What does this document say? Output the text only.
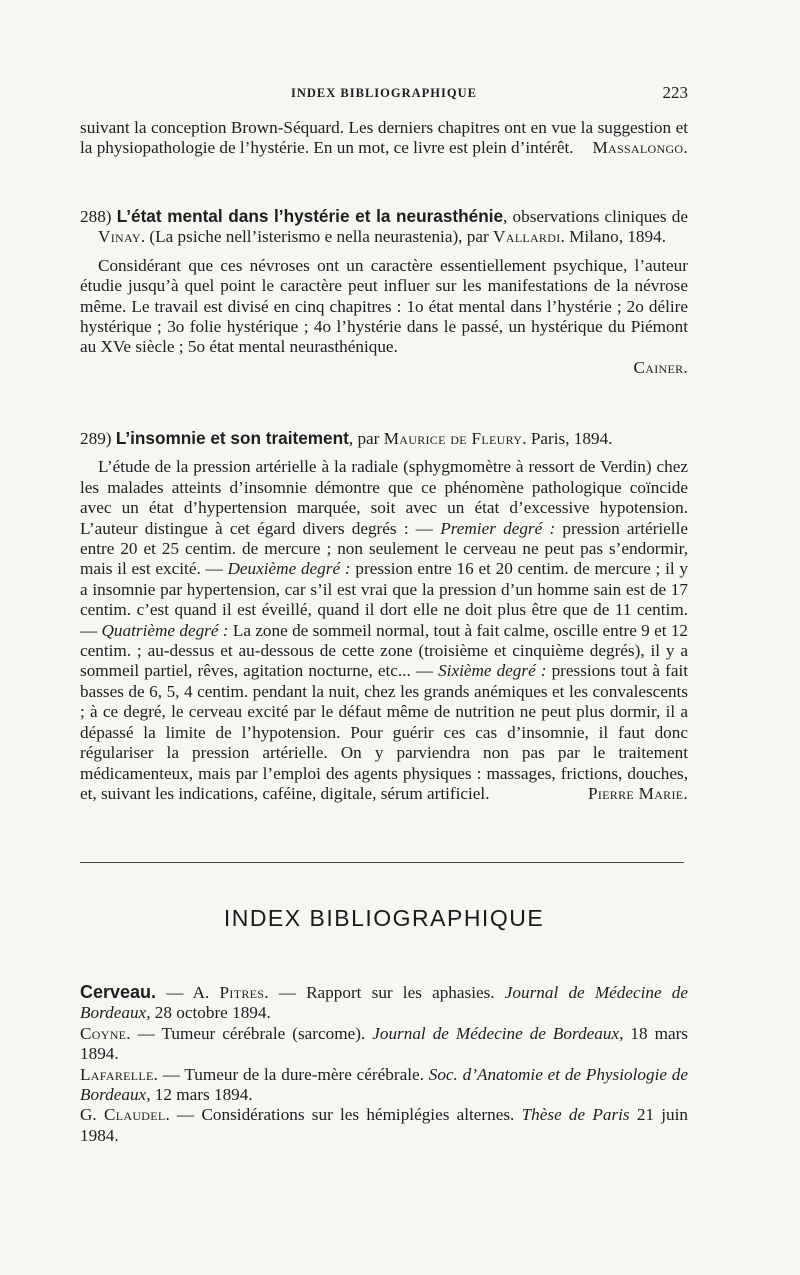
INDEX BIBLIOGRAPHIQUE	223

suivant la conception Brown-Séquard. Les derniers chapitres ont en vue la suggestion et la physiopathologie de l’hystérie. En un mot, ce livre est plein d’intérêt.	Massalongo.

288) L’état mental dans l’hystérie et la neurasthénie, observations cliniques de Vinay. (La psiche nell’isterismo e nella neurastenia), par Vallardi. Milano, 1894.

Considérant que ces névroses ont un caractère essentiellement psychique, l’auteur étudie jusqu’à quel point le caractère peut influer sur les manifestations de la névrose même. Le travail est divisé en cinq chapitres : 1o état mental dans l’hystérie ; 2o délire hystérique ; 3o folie hystérique ; 4o l’hystérie dans le passé, un hystérique du Piémont au XVe siècle ; 5o état mental neurasthénique.

Cainer.

289) L’insomnie et son traitement, par Maurice de Fleury. Paris, 1894.

L’étude de la pression artérielle à la radiale (sphygmomètre à ressort de Verdin) chez les malades atteints d’insomnie démontre que ce phénomène pathologique coïncide avec un état d’hypertension marquée, soit avec un état d’excessive hypotension. L’auteur distingue à cet égard divers degrés : — Premier degré : pression artérielle entre 20 et 25 centim. de mercure ; non seulement le cerveau ne peut pas s’endormir, mais il est excité. — Deuxième degré : pression entre 16 et 20 centim. de mercure ; il y a insomnie par hypertension, car s’il est vrai que la pression d’un homme sain est de 17 centim. c’est quand il est éveillé, quand il dort elle ne doit plus être que de 11 centim. — Quatrième degré : La zone de sommeil normal, tout à fait calme, oscille entre 9 et 12 centim. ; au-dessus et au-dessous de cette zone (troisième et cinquième degrés), il y a sommeil partiel, rêves, agitation nocturne, etc... — Sixième degré : pressions tout à fait basses de 6, 5, 4 centim. pendant la nuit, chez les grands anémiques et les convalescents ; à ce degré, le cerveau excité par le défaut même de nutrition ne peut plus dormir, il a dépassé la limite de l’hypotension. Pour guérir ces cas d’insomnie, il faut donc régulariser la pression artérielle. On y parviendra non pas par le traitement médicamenteux, mais par l’emploi des agents physiques : massages, frictions, douches, et, suivant les indications, caféine, digitale, sérum artificiel.	Pierre Marie.

INDEX BIBLIOGRAPHIQUE

Cerveau. — A. Pitres. — Rapport sur les aphasies. Journal de Médecine de Bordeaux, 28 octobre 1894.

Coyne. — Tumeur cérébrale (sarcome). Journal de Médecine de Bordeaux, 18 mars 1894.

Lafarelle. — Tumeur de la dure-mère cérébrale. Soc. d’Anatomie et de Physiologie de Bordeaux, 12 mars 1894.

G. Claudel. — Considérations sur les hémiplégies alternes. Thèse de Paris 21 juin 1984.
